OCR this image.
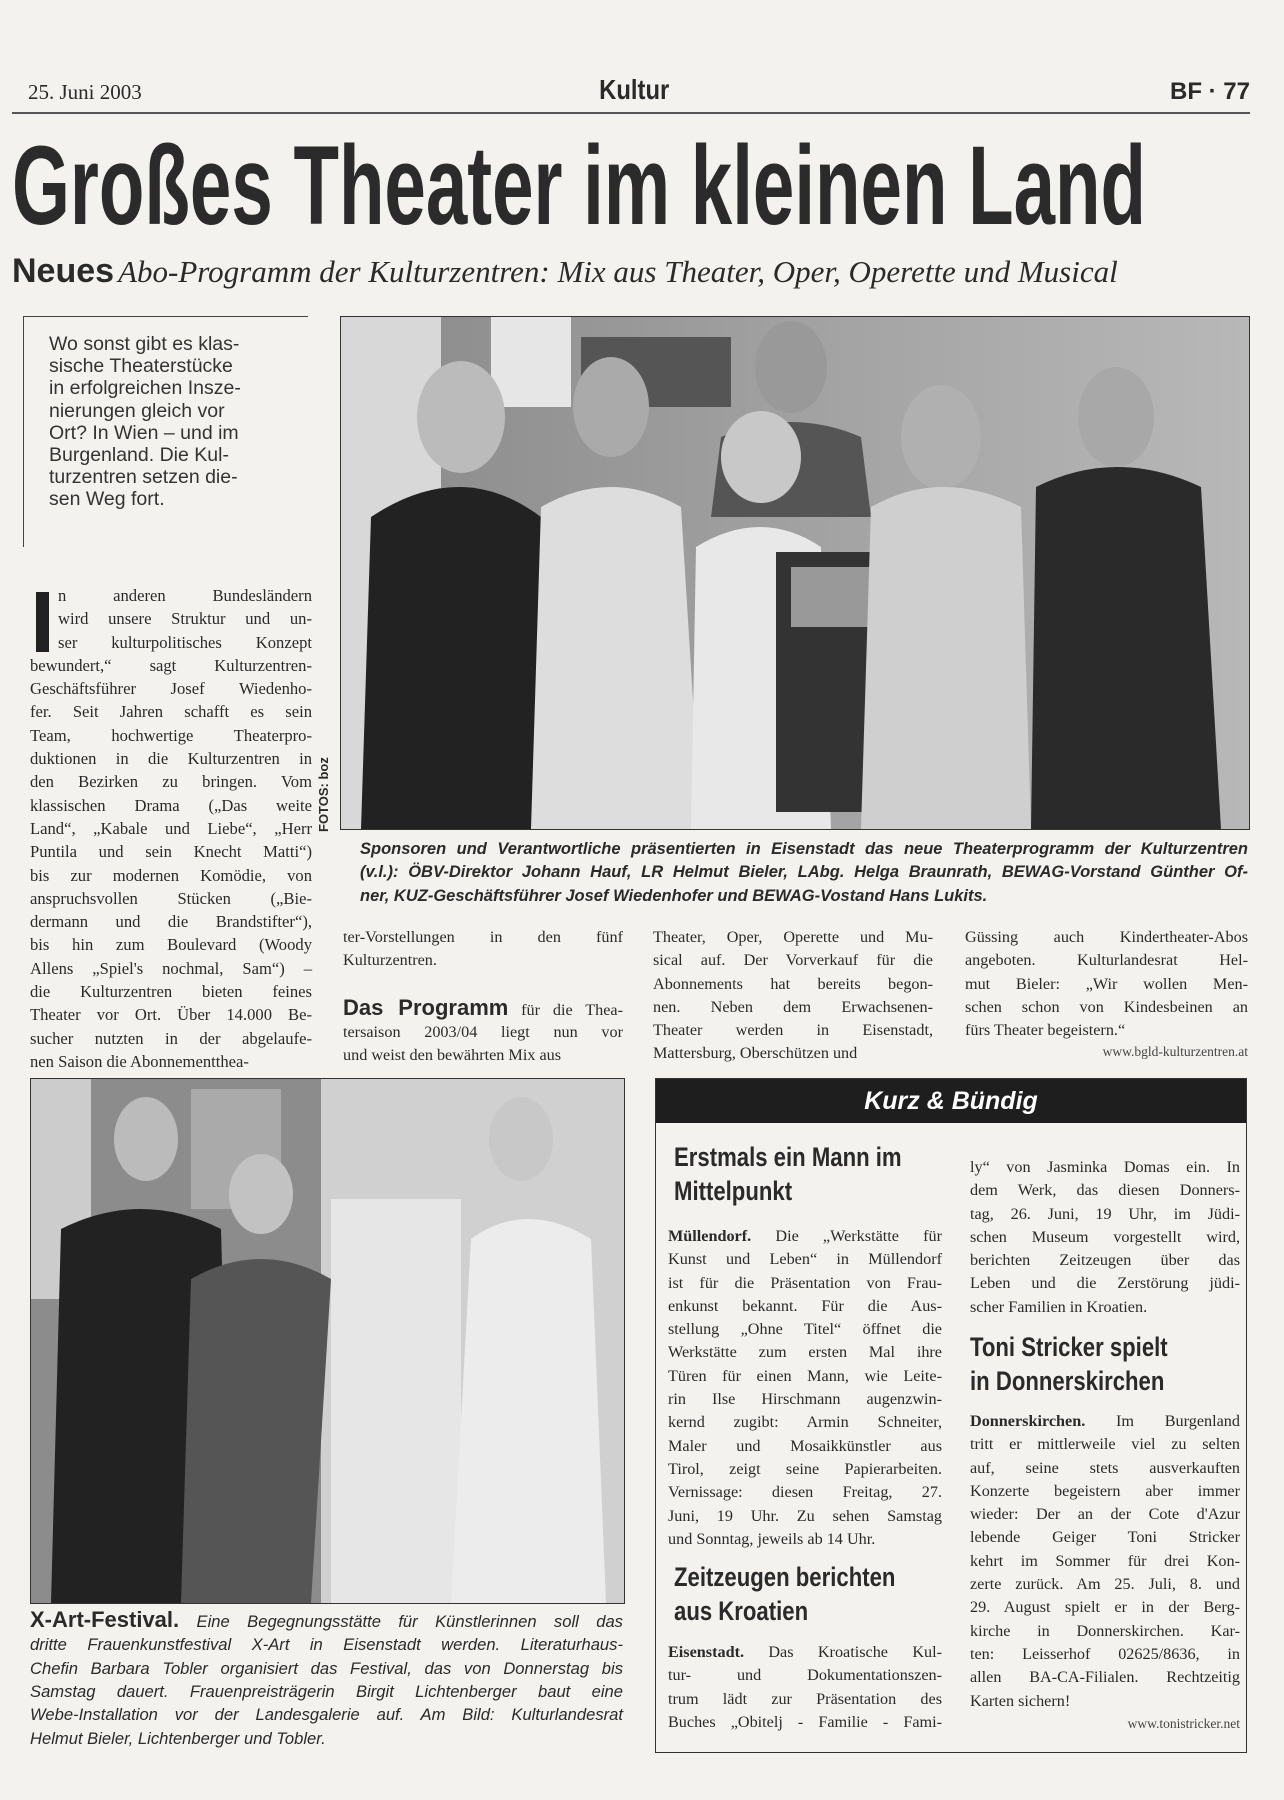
25. Juni 2003	Kultur	BF · 77
Großes Theater im kleinen Land
Neues Abo-Programm der Kulturzentren: Mix aus Theater, Oper, Operette und Musical
Wo sonst gibt es klas-
sische Theaterstücke
in erfolgreichen Insze-
nierungen gleich vor
Ort? In Wien – und im
Burgenland. Die Kul-
turzentren setzen die-
sen Weg fort.
n anderen Bundesländern
wird unsere Struktur und un-
ser kulturpolitisches Konzept
bewundert,“ sagt Kulturzentren-
Geschäftsführer Josef Wiedenho-
fer. Seit Jahren schafft es sein
Team, hochwertige Theaterpro-
duktionen in die Kulturzentren in
den Bezirken zu bringen. Vom
klassischen Drama („Das weite
Land“, „Kabale und Liebe“, „Herr
Puntila und sein Knecht Matti“)
bis zur modernen Komödie, von
anspruchsvollen Stücken („Bie-
dermann und die Brandstifter“),
bis hin zum Boulevard (Woody
Allens „Spiel's nochmal, Sam“) –
die Kulturzentren bieten feines
Theater vor Ort. Über 14.000 Be-
sucher nutzten in der abgelaufe-
nen Saison die Abonnementthea-
FOTOS: boz
Sponsoren und Verantwortliche präsentierten in Eisenstadt das neue Theaterprogramm der Kulturzentren
(v.l.): ÖBV-Direktor Johann Hauf, LR Helmut Bieler, LAbg. Helga Braunrath, BEWAG-Vorstand Günther Of-
ner, KUZ-Geschäftsführer Josef Wiedenhofer und BEWAG-Vostand Hans Lukits.
ter-Vorstellungen in den fünf
Kulturzentren.
Das Programm für die Thea-
tersaison 2003/04 liegt nun vor
und weist den bewährten Mix aus
Theater, Oper, Operette und Mu-
sical auf. Der Vorverkauf für die
Abonnements hat bereits begon-
nen. Neben dem Erwachsenen-
Theater werden in Eisenstadt,
Mattersburg, Oberschützen und
Güssing auch Kindertheater-Abos
angeboten. Kulturlandesrat Hel-
mut Bieler: „Wir wollen Men-
schen schon von Kindesbeinen an
fürs Theater begeistern.“
www.bgld-kulturzentren.at
X-Art-Festival. Eine Begegnungsstätte für Künstlerinnen soll das
dritte Frauenkunstfestival X-Art in Eisenstadt werden. Literaturhaus-
Chefin Barbara Tobler organisiert das Festival, das von Donnerstag bis
Samstag dauert. Frauenpreisträgerin Birgit Lichtenberger baut eine
Webe-Installation vor der Landesgalerie auf. Am Bild: Kulturlandesrat
Helmut Bieler, Lichtenberger und Tobler.
Kurz & Bündig
Erstmals ein Mann im
Mittelpunkt
Müllendorf. Die „Werkstätte für
Kunst und Leben“ in Müllendorf
ist für die Präsentation von Frau-
enkunst bekannt. Für die Aus-
stellung „Ohne Titel“ öffnet die
Werkstätte zum ersten Mal ihre
Türen für einen Mann, wie Leite-
rin Ilse Hirschmann augenzwin-
kernd zugibt: Armin Schneiter,
Maler und Mosaikkünstler aus
Tirol, zeigt seine Papierarbeiten.
Vernissage: diesen Freitag, 27.
Juni, 19 Uhr. Zu sehen Samstag
und Sonntag, jeweils ab 14 Uhr.
Zeitzeugen berichten
aus Kroatien
Eisenstadt. Das Kroatische Kul-
tur- und Dokumentationszen-
trum lädt zur Präsentation des
Buches „Obitelj - Familie - Fami-
ly“ von Jasminka Domas ein. In
dem Werk, das diesen Donners-
tag, 26. Juni, 19 Uhr, im Jüdi-
schen Museum vorgestellt wird,
berichten Zeitzeugen über das
Leben und die Zerstörung jüdi-
scher Familien in Kroatien.
Toni Stricker spielt
in Donnerskirchen
Donnerskirchen. Im Burgenland
tritt er mittlerweile viel zu selten
auf, seine stets ausverkauften
Konzerte begeistern aber immer
wieder: Der an der Cote d'Azur
lebende Geiger Toni Stricker
kehrt im Sommer für drei Kon-
zerte zurück. Am 25. Juli, 8. und
29. August spielt er in der Berg-
kirche in Donnerskirchen. Kar-
ten: Leisserhof 02625/8636, in
allen BA-CA-Filialen. Rechtzeitig
Karten sichern!
www.tonistricker.net
